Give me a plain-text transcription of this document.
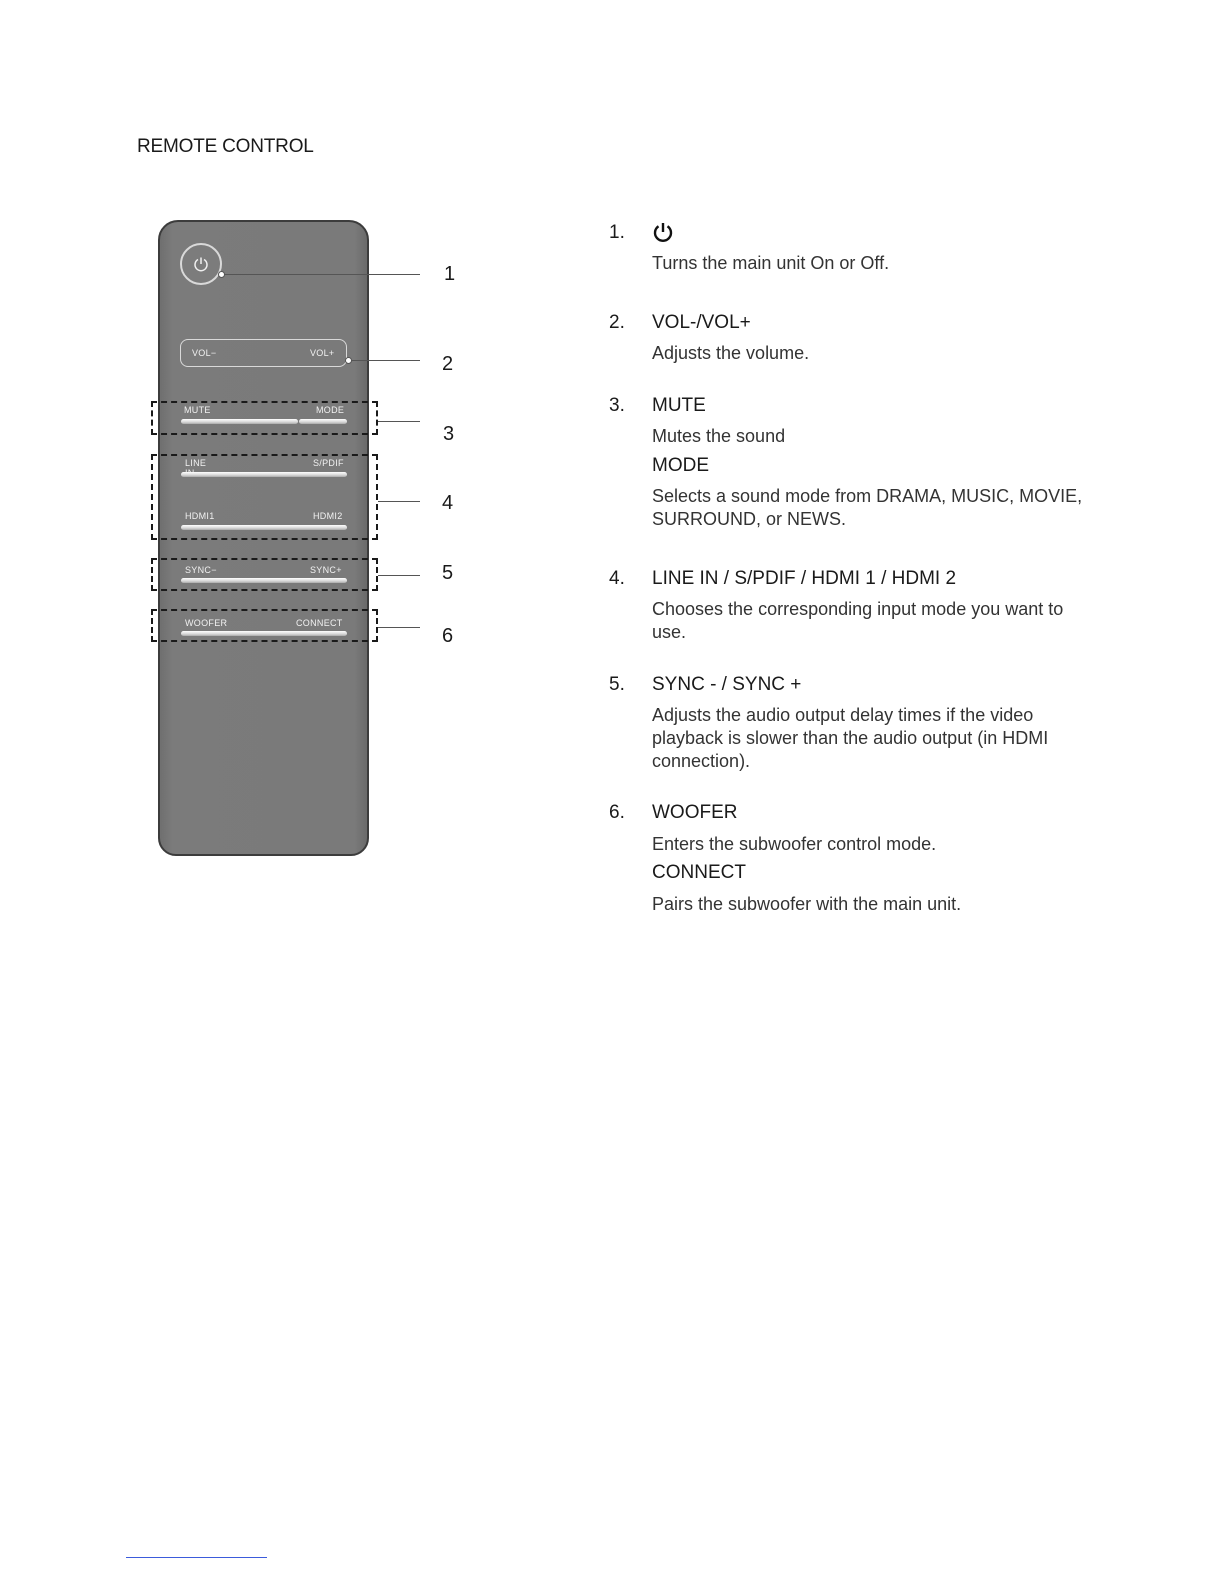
REMOTE CONTROL
VOL−	VOL+
MUTE	MODE
LINE	S/PDIF
HDMI1	HDMI2
SYNC−	SYNC+
WOOFER	CONNECT
1
2
3
4
5
6
1.
Turns the main unit On or Off.
2. VOL-/VOL+
Adjusts the volume.
3. MUTE
Mutes the sound
MODE
Selects a sound mode from DRAMA, MUSIC, MOVIE, SURROUND, or NEWS.
4. LINE IN / S/PDIF / HDMI 1 / HDMI 2
Chooses the corresponding input mode you want to use.
5. SYNC - / SYNC +
Adjusts the audio output delay times if the video playback is slower than the audio output (in HDMI connection).
6. WOOFER
Enters the subwoofer control mode.
CONNECT
Pairs the subwoofer with the main unit.
